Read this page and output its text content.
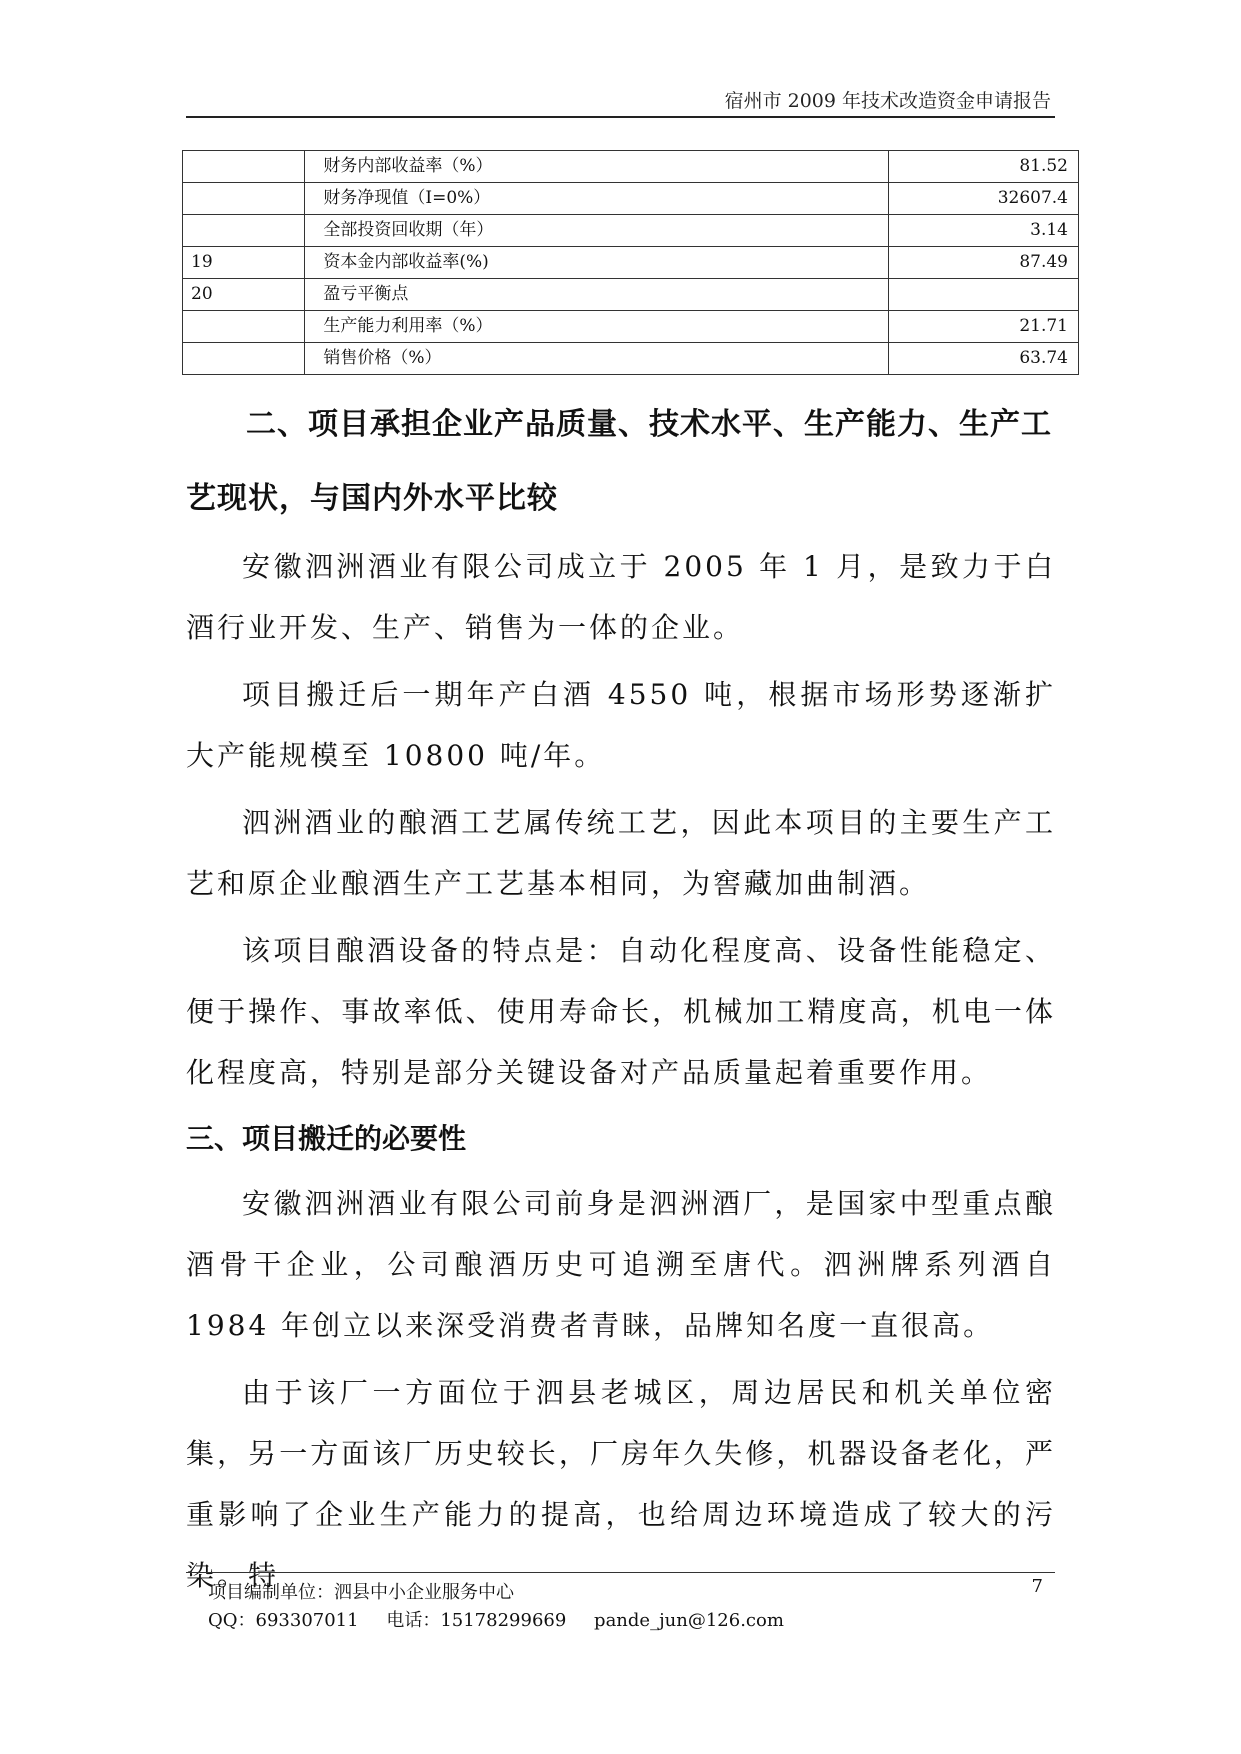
宿州市 2009 年技术改造资金申请报告
	财务内部收益率（%）	81.52
	财务净现值（I=0%）	32607.4
	全部投资回收期（年）	3.14
19	资本金内部收益率(%)	87.49
20	盈亏平衡点	
	生产能力利用率（%）	21.71
	销售价格（%）	63.74
二、项目承担企业产品质量、技术水平、生产能力、生产工艺现状，与国内外水平比较

安徽泗洲酒业有限公司成立于 2005 年 1 月，是致力于白酒行业开发、生产、销售为一体的企业。

项目搬迁后一期年产白酒 4550 吨，根据市场形势逐渐扩大产能规模至 10800 吨/年。

泗洲酒业的酿酒工艺属传统工艺，因此本项目的主要生产工艺和原企业酿酒生产工艺基本相同，为窖藏加曲制酒。

该项目酿酒设备的特点是：自动化程度高、设备性能稳定、便于操作、事故率低、使用寿命长，机械加工精度高，机电一体化程度高，特别是部分关键设备对产品质量起着重要作用。

三、项目搬迁的必要性

安徽泗洲酒业有限公司前身是泗洲酒厂，是国家中型重点酿酒骨干企业，公司酿酒历史可追溯至唐代。泗洲牌系列酒自 1984 年创立以来深受消费者青睐，品牌知名度一直很高。

由于该厂一方面位于泗县老城区，周边居民和机关单位密集，另一方面该厂历史较长，厂房年久失修，机器设备老化，严重影响了企业生产能力的提高，也给周边环境造成了较大的污染。特

项目编制单位：泗县中小企业服务中心
QQ：693307011 电话：15178299669 pande_jun@126.com
7
